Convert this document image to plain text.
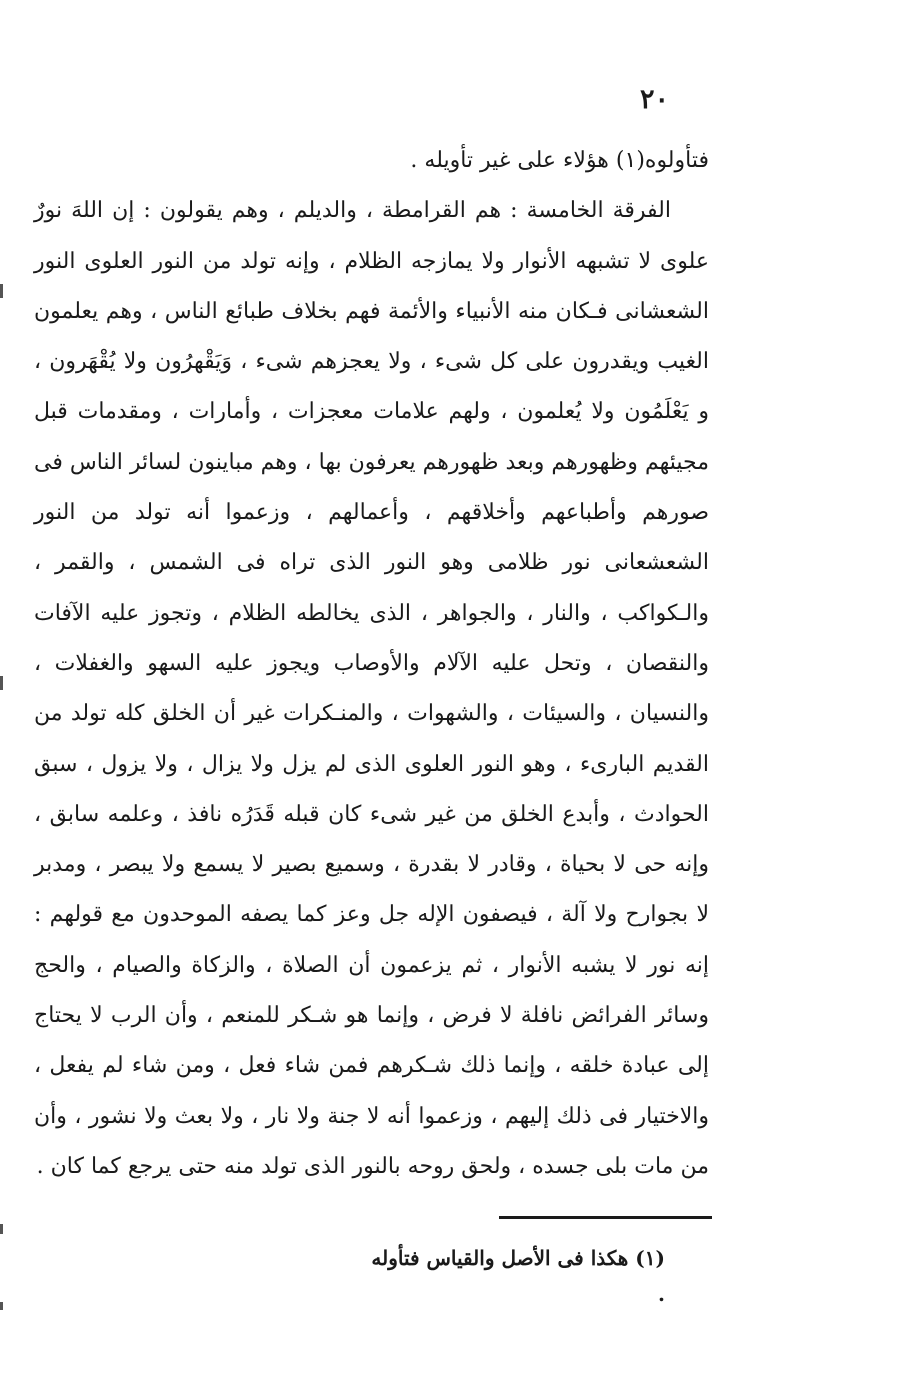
٢٠

فتأولوه(١) هؤلاء على غير تأويله .

الفرقة الخامسة : هم القرامطة ، والديلم ، وهم يقولون : إن اللهَ نورٌ علوى لا تشبهه الأنوار ولا يمازجه الظلام ، وإنه تولد من النور العلوى النور الشعشانى فـكان منه الأنبياء والأئمة فهم بخلاف طبائع الناس ، وهم يعلمون الغيب ويقدرون على كل شىء ، ولا يعجزهم شىء ، وَيَقْهرُون ولا يُقْهَرون ، و يَعْلَمُون ولا يُعلمون ، ولهم علامات معجزات ، وأمارات ، ومقدمات قبل مجيئهم وظهورهم وبعد ظهورهم يعرفون بها ، وهم مباينون لسائر الناس فى صورهم وأطباعهم وأخلاقهم ، وأعمالهم ، وزعموا أنه تولد من النور الشعشعانى نور ظلامى وهو النور الذى تراه فى الشمس ، والقمر ، والـكواكب ، والنار ، والجواهر ، الذى يخالطه الظلام ، وتجوز عليه الآفات والنقصان ، وتحل عليه الآلام والأوصاب ويجوز عليه السهو والغفلات ، والنسيان ، والسيئات ، والشهوات ، والمنـكرات غير أن الخلق كله تولد من القديم البارىء ، وهو النور العلوى الذى لم يزل ولا يزال ، ولا يزول ، سبق الحوادث ، وأبدع الخلق من غير شىء كان قبله قَدَرُه نافذ ، وعلمه سابق ، وإنه حى لا بحياة ، وقادر لا بقدرة ، وسميع بصير لا يسمع ولا يبصر ، ومدبر لا بجوارح ولا آلة ، فيصفون الإله جل وعز كما يصفه الموحدون مع قولهم : إنه نور لا يشبه الأنوار ، ثم يزعمون أن الصلاة ، والزكاة والصيام ، والحج وسائر الفرائض نافلة لا فرض ، وإنما هو شـكر للمنعم ، وأن الرب لا يحتاج إلى عبادة خلقه ، وإنما ذلك شـكرهم فمن شاء فعل ، ومن شاء لم يفعل ، والاختيار فى ذلك إليهم ، وزعموا أنه لا جنة ولا نار ، ولا بعث ولا نشور ، وأن من مات بلى جسده ، ولحق روحه بالنور الذى تولد منه حتى يرجع كما كان .

(١) هكذا فى الأصل والقياس فتأوله .
